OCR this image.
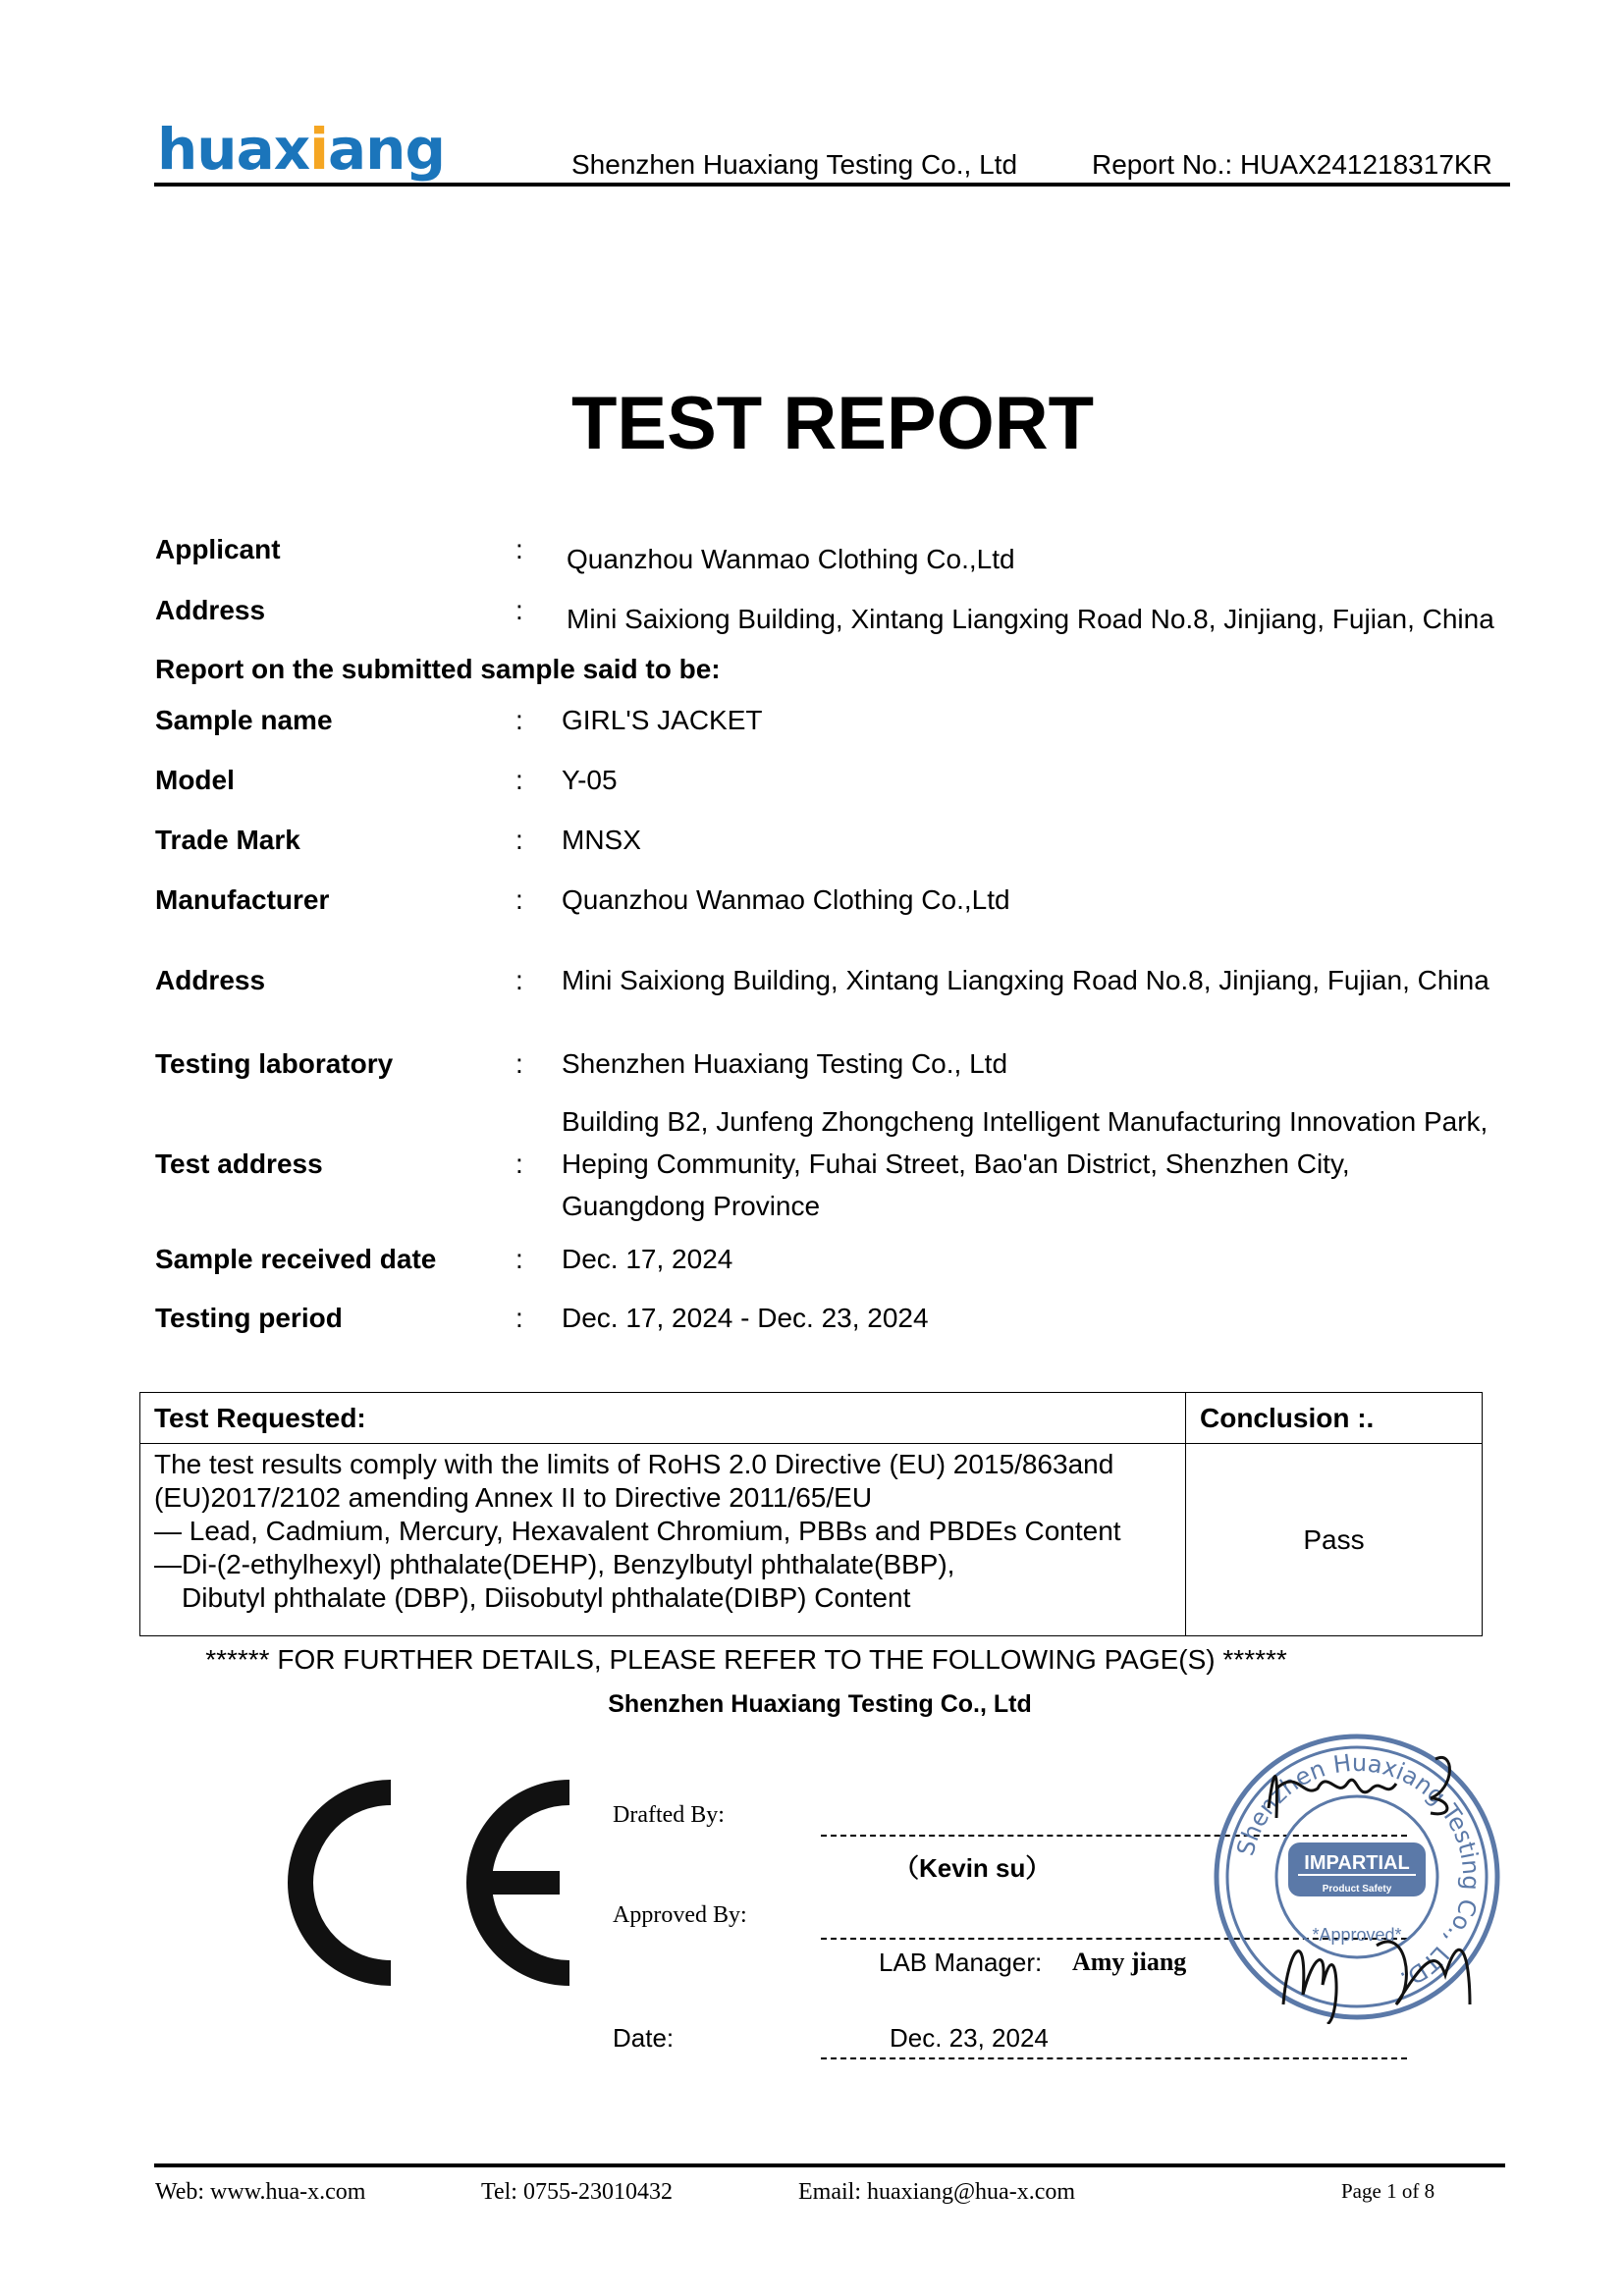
huaxiang	Shenzhen Huaxiang Testing Co., Ltd	Report No.: HUAX241218317KR
TEST REPORT
Applicant	: Quanzhou Wanmao Clothing Co.,Ltd
Address	: Mini Saixiong Building, Xintang Liangxing Road No.8, Jinjiang, Fujian, China
Report on the submitted sample said to be:
Sample name	: GIRL'S JACKET
Model	: Y-05
Trade Mark	: MNSX
Manufacturer	: Quanzhou Wanmao Clothing Co.,Ltd
Address	: Mini Saixiong Building, Xintang Liangxing Road No.8, Jinjiang, Fujian, China
Testing laboratory	: Shenzhen Huaxiang Testing Co., Ltd
Building B2, Junfeng Zhongcheng Intelligent Manufacturing Innovation Park,
Test address	: Heping Community, Fuhai Street, Bao'an District, Shenzhen City,
Guangdong Province
Sample received date	: Dec. 17, 2024
Testing period	: Dec. 17, 2024 - Dec. 23, 2024
Test Requested:	Conclusion :.

The test results comply with the limits of RoHS 2.0 Directive (EU) 2015/863and
(EU)2017/2102 amending Annex II to Directive 2011/65/EU
— Lead, Cadmium, Mercury, Hexavalent Chromium, PBBs and PBDEs Content
—Di-(2-ethylhexyl) phthalate(DEHP), Benzylbutyl phthalate(BBP),
Dibutyl phthalate (DBP), Diisobutyl phthalate(DIBP) Content	Pass
****** FOR FURTHER DETAILS, PLEASE REFER TO THE FOLLOWING PAGE(S) ******
Shenzhen Huaxiang Testing Co., Ltd
Drafted By:
（Kevin su）
Approved By:
LAB Manager: Amy jiang
Date:	Dec. 23, 2024
Shenzhen Huaxiang Testing Co., LTD.
IMPARTIAL
Product Safety
*Approved*
Web: www.hua-x.com	Tel: 0755-23010432	Email: huaxiang@hua-x.com	Page 1 of 8
